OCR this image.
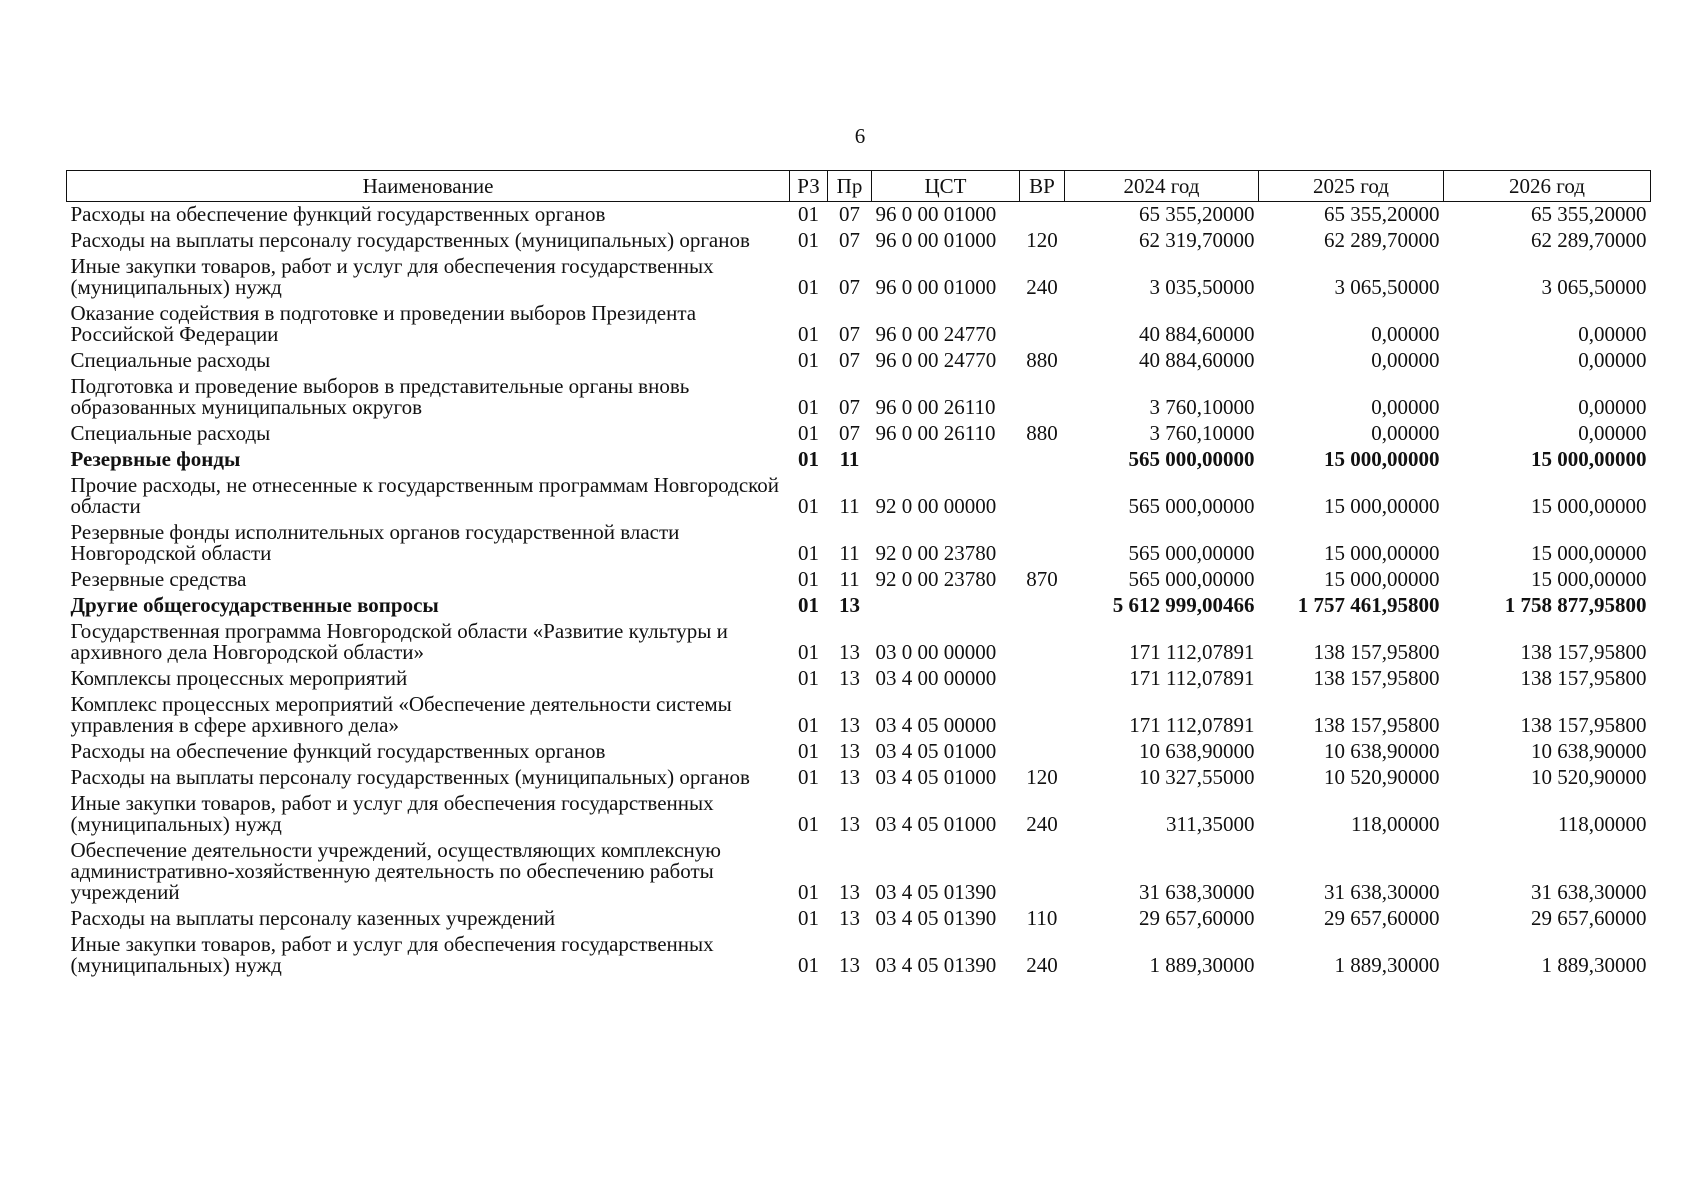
6
Наименование	РЗ	Пр	ЦСТ	ВР	2024 год	2025 год	2026 год
Расходы на обеспечение функций государственных органов	01	07	96 0 00 01000		65 355,20000	65 355,20000	65 355,20000
Расходы на выплаты персоналу государственных (муниципальных) органов	01	07	96 0 00 01000	120	62 319,70000	62 289,70000	62 289,70000
Иные закупки товаров, работ и услуг для обеспечения государственных (муниципальных) нужд	01	07	96 0 00 01000	240	3 035,50000	3 065,50000	3 065,50000
Оказание содействия в подготовке и проведении выборов Президента Российской Федерации	01	07	96 0 00 24770		40 884,60000	0,00000	0,00000
Специальные расходы	01	07	96 0 00 24770	880	40 884,60000	0,00000	0,00000
Подготовка и проведение выборов в представительные органы вновь образованных муниципальных округов	01	07	96 0 00 26110		3 760,10000	0,00000	0,00000
Специальные расходы	01	07	96 0 00 26110	880	3 760,10000	0,00000	0,00000
Резервные фонды	01	11			565 000,00000	15 000,00000	15 000,00000
Прочие расходы, не отнесенные к государственным программам Новгородской области	01	11	92 0 00 00000		565 000,00000	15 000,00000	15 000,00000
Резервные фонды исполнительных органов государственной власти Новгородской области	01	11	92 0 00 23780		565 000,00000	15 000,00000	15 000,00000
Резервные средства	01	11	92 0 00 23780	870	565 000,00000	15 000,00000	15 000,00000
Другие общегосударственные вопросы	01	13			5 612 999,00466	1 757 461,95800	1 758 877,95800
Государственная программа Новгородской области «Развитие культуры и архивного дела Новгородской области»	01	13	03 0 00 00000		171 112,07891	138 157,95800	138 157,95800
Комплексы процессных мероприятий	01	13	03 4 00 00000		171 112,07891	138 157,95800	138 157,95800
Комплекс процессных мероприятий «Обеспечение деятельности системы управления в сфере архивного дела»	01	13	03 4 05 00000		171 112,07891	138 157,95800	138 157,95800
Расходы на обеспечение функций государственных органов	01	13	03 4 05 01000		10 638,90000	10 638,90000	10 638,90000
Расходы на выплаты персоналу государственных (муниципальных) органов	01	13	03 4 05 01000	120	10 327,55000	10 520,90000	10 520,90000
Иные закупки товаров, работ и услуг для обеспечения государственных (муниципальных) нужд	01	13	03 4 05 01000	240	311,35000	118,00000	118,00000
Обеспечение деятельности учреждений, осуществляющих комплексную административно-хозяйственную деятельность по обеспечению работы учреждений	01	13	03 4 05 01390		31 638,30000	31 638,30000	31 638,30000
Расходы на выплаты персоналу казенных учреждений	01	13	03 4 05 01390	110	29 657,60000	29 657,60000	29 657,60000
Иные закупки товаров, работ и услуг для обеспечения государственных (муниципальных) нужд	01	13	03 4 05 01390	240	1 889,30000	1 889,30000	1 889,30000
